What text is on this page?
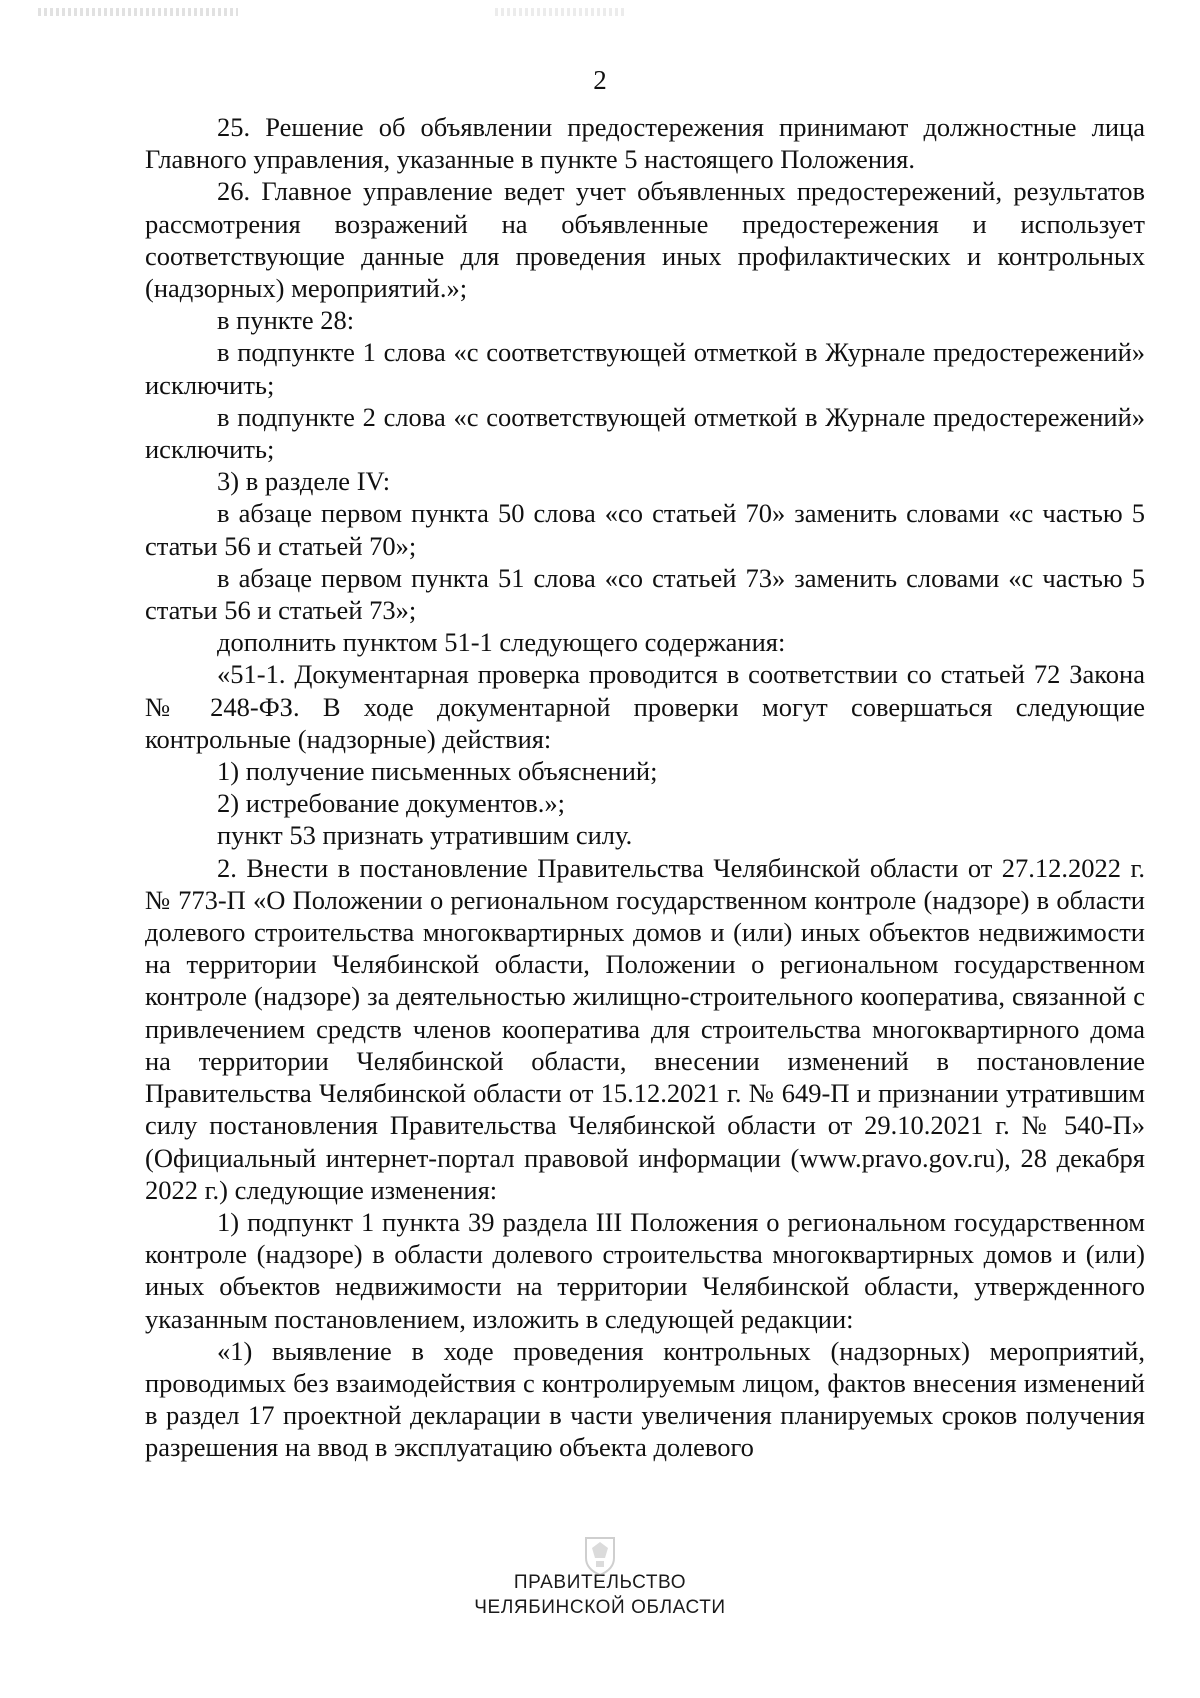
2

25. Решение об объявлении предостережения принимают должностные лица Главного управления, указанные в пункте 5 настоящего Положения.

26. Главное управление ведет учет объявленных предостережений, результатов рассмотрения возражений на объявленные предостережения и использует соответствующие данные для проведения иных профилактических и контрольных (надзорных) мероприятий.»;

в пункте 28:

в подпункте 1 слова «с соответствующей отметкой в Журнале предостережений» исключить;

в подпункте 2 слова «с соответствующей отметкой в Журнале предостережений» исключить;

3) в разделе IV:

в абзаце первом пункта 50 слова «со статьей 70» заменить словами «с частью 5 статьи 56 и статьей 70»;

в абзаце первом пункта 51 слова «со статьей 73» заменить словами «с частью 5 статьи 56 и статьей 73»;

дополнить пунктом 51-1 следующего содержания:

«51-1. Документарная проверка проводится в соответствии со статьей 72 Закона № 248-ФЗ. В ходе документарной проверки могут совершаться следующие контрольные (надзорные) действия:

1) получение письменных объяснений;

2) истребование документов.»;

пункт 53 признать утратившим силу.

2. Внести в постановление Правительства Челябинской области от 27.12.2022 г. № 773-П «О Положении о региональном государственном контроле (надзоре) в области долевого строительства многоквартирных домов и (или) иных объектов недвижимости на территории Челябинской области, Положении о региональном государственном контроле (надзоре) за деятельностью жилищно-строительного кооператива, связанной с привлечением средств членов кооператива для строительства многоквартирного дома на территории Челябинской области, внесении изменений в постановление Правительства Челябинской области от 15.12.2021 г. № 649-П и признании утратившим силу постановления Правительства Челябинской области от 29.10.2021 г. № 540-П» (Официальный интернет-портал правовой информации (www.pravo.gov.ru), 28 декабря 2022 г.) следующие изменения:

1) подпункт 1 пункта 39 раздела III Положения о региональном государственном контроле (надзоре) в области долевого строительства многоквартирных домов и (или) иных объектов недвижимости на территории Челябинской области, утвержденного указанным постановлением, изложить в следующей редакции:

«1) выявление в ходе проведения контрольных (надзорных) мероприятий, проводимых без взаимодействия с контролируемым лицом, фактов внесения изменений в раздел 17 проектной декларации в части увеличения планируемых сроков получения разрешения на ввод в эксплуатацию объекта долевого

ПРАВИТЕЛЬСТВО
ЧЕЛЯБИНСКОЙ ОБЛАСТИ
